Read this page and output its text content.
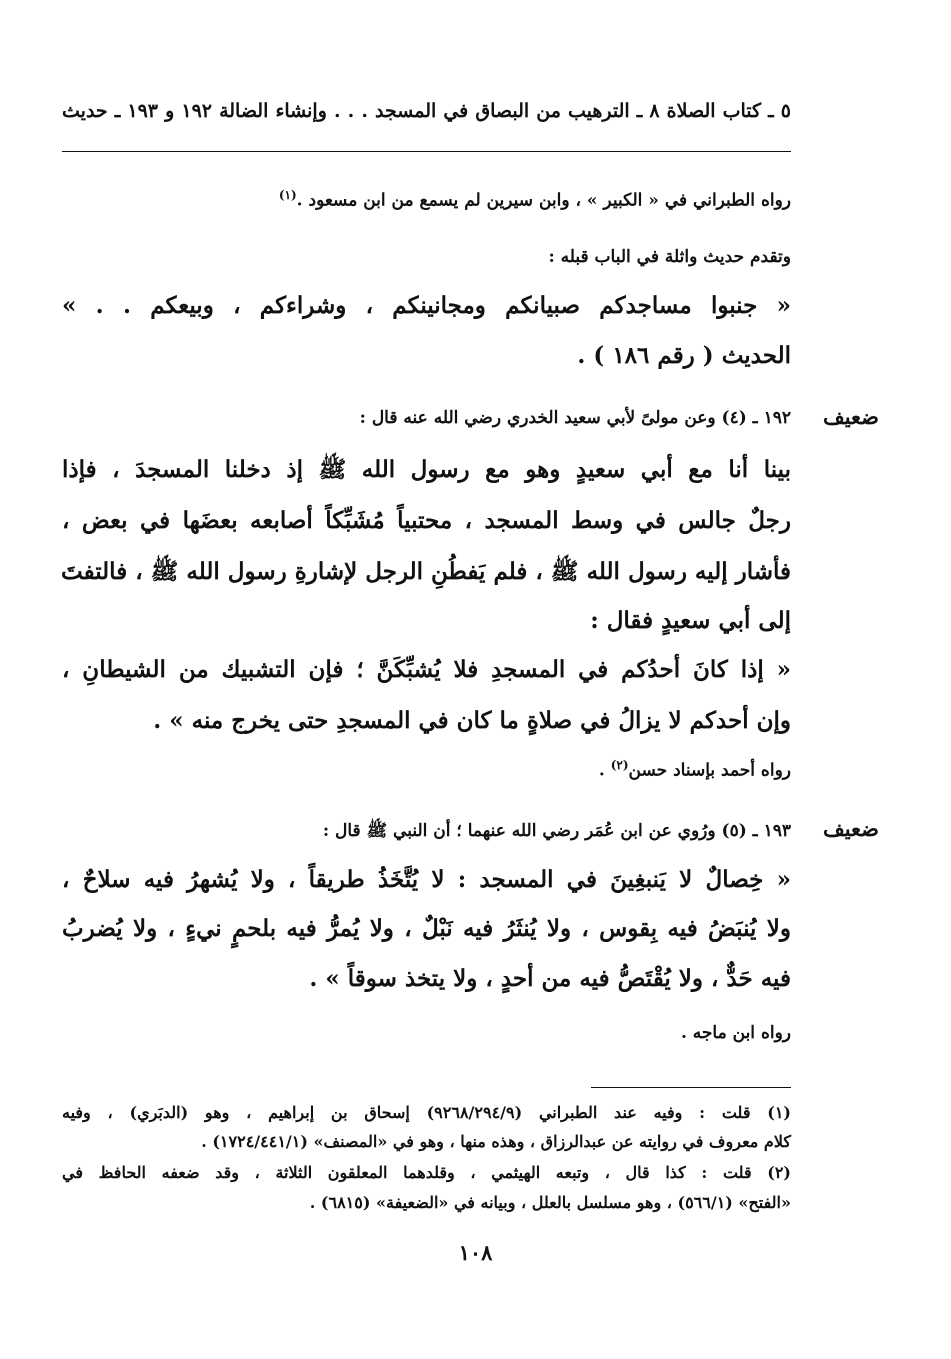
٥ ـ كتاب الصلاة ٨ ـ الترهيب من البصاق في المسجد . . . وإنشاء الضالة ١٩٢ و ١٩٣ ـ حديث
رواه الطبراني في « الكبير » ، وابن سيرين لم يسمع من ابن مسعود .$^{(١)}$
وتقدم حديث واثلة في الباب قبله :
« جنبوا مساجدكم صبيانكم ومجانينكم ، وشراءكم ، وبيعكم . . »
الحديث ( رقم ١٨٦ ) .
ضعيف
١٩٢ ـ (٤) وعن مولىً لأبي سعيد الخدري رضي الله عنه قال :
بينا أنا مع أبي سعيدٍ وهو مع رسول الله ﷺ إذ دخلنا المسجدَ ، فإذا
رجلٌ جالس في وسط المسجد ، محتبياً مُشَبِّكاً أصابعه بعضَها في بعض ،
فأشار إليه رسول الله ﷺ ، فلم يَفطُنِ الرجل لإشارةِ رسول الله ﷺ ، فالتفتَ
إلى أبي سعيدٍ فقال :
« إذا كانَ أحدُكم في المسجدِ فلا يُشبِّكَنَّ ؛ فإن التشبيك من الشيطانِ ،
وإن أحدكم لا يزالُ في صلاةٍ ما كان في المسجدِ حتى يخرج منه » .
رواه أحمد بإسناد حسن$^{(٢)}$ .
ضعيف
١٩٣ ـ (٥) ورُوي عن ابن عُمَر رضي الله عنهما ؛ أن النبي ﷺ قال :
« خِصالٌ لا يَنبغِينَ في المسجد : لا يُتَّخَذُ طريقاً ، ولا يُشهرُ فيه سلاحٌ ،
ولا يُنبَضُ فيه بِقوس ، ولا يُنثَرُ فيه نَبْلٌ ، ولا يُمرُّ فيه بلحمٍ نيءٍ ، ولا يُضربُ
فيه حَدٌّ ، ولا يُقْتَصُّ فيه من أحدٍ ، ولا يتخذ سوقاً » .
رواه ابن ماجه .
(١) قلت : وفيه عند الطبراني (٩٢٦٨/٢٩٤/٩) إسحاق بن إبراهيم ، وهو (الدبَري) ، وفيه
كلام معروف في روايته عن عبدالرزاق ، وهذه منها ، وهو في «المصنف» (١٧٢٤/٤٤١/١) .
(٢) قلت : كذا قال ، وتبعه الهيثمي ، وقلدهما المعلقون الثلاثة ، وقد ضعفه الحافظ في
«الفتح» (٥٦٦/١) ، وهو مسلسل بالعلل ، وبيانه في «الضعيفة» (٦٨١٥) .
١٠٨
